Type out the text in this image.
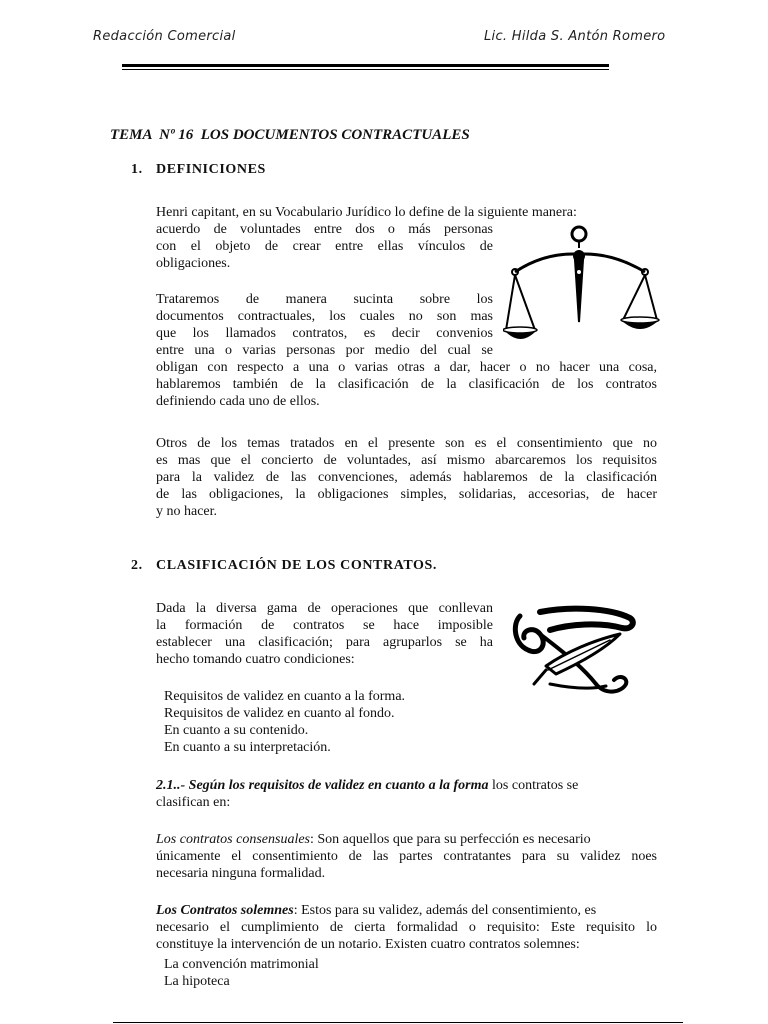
Redacción Comercial	Lic. Hilda S. Antón Romero
TEMA  Nº 16  LOS DOCUMENTOS CONTRACTUALES
1. DEFINICIONES
Henri capitant, en su Vocabulario Jurídico lo define de la siguiente manera:
acuerdo de voluntades entre dos o más personas
con el objeto de crear entre ellas vínculos de
obligaciones.
Trataremos de manera sucinta sobre los
documentos contractuales, los cuales no son mas
que los llamados contratos, es decir convenios
entre una o varias personas por medio del cual se
obligan con respecto a una o varias otras a dar, hacer o no hacer una cosa,
hablaremos también de la clasificación de la clasificación de los contratos
definiendo cada uno de ellos.
Otros de los temas tratados en el presente son es el consentimiento que no
es mas que el concierto de voluntades, así mismo abarcaremos los requisitos
para la validez de las convenciones, además hablaremos de la clasificación
de las obligaciones, la obligaciones simples, solidarias, accesorias, de hacer
y no hacer.
2. CLASIFICACIÓN DE LOS CONTRATOS.
Dada la diversa gama de operaciones que conllevan
la formación de contratos se hace imposible
establecer una clasificación; para agruparlos se ha
hecho tomando cuatro condiciones:
Requisitos de validez en cuanto a la forma.
Requisitos de validez en cuanto al fondo.
En cuanto a su contenido.
En cuanto a su interpretación.
2.1..- Según los requisitos de validez en cuanto a la forma los contratos se
clasifican en:
Los contratos consensuales: Son aquellos que para su perfección es necesario
únicamente el consentimiento de las partes contratantes para su validez noes
necesaria ninguna formalidad.
Los Contratos solemnes: Estos para su validez, además del consentimiento, es
necesario el cumplimiento de cierta formalidad o requisito: Este requisito lo
constituye la intervención de un notario. Existen cuatro contratos solemnes:
La convención matrimonial
La hipoteca
